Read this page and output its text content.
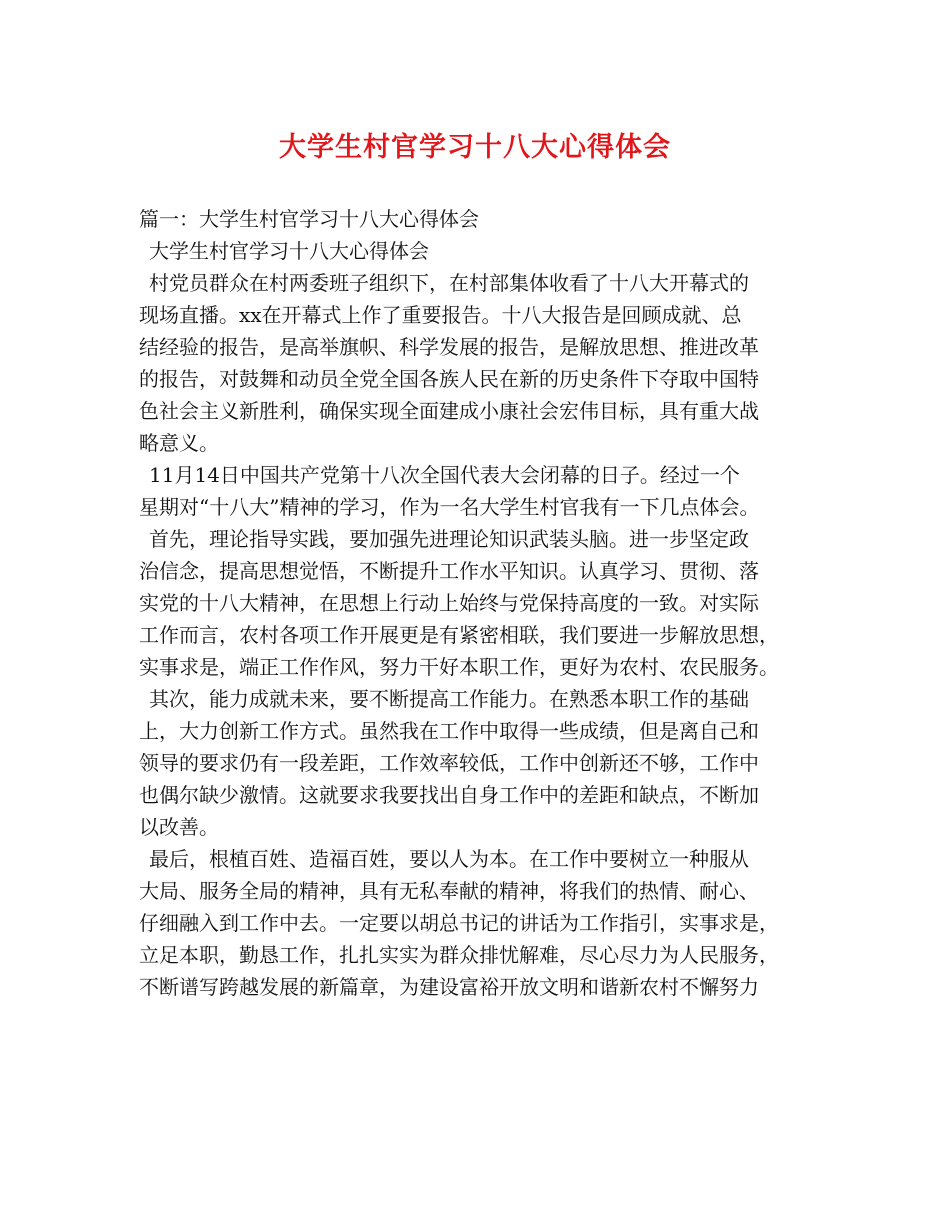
大学生村官学习十八大心得体会
篇一：大学生村官学习十八大心得体会
大学生村官学习十八大心得体会
村党员群众在村两委班子组织下，在村部集体收看了十八大开幕式的
现场直播。xx在开幕式上作了重要报告。十八大报告是回顾成就、总
结经验的报告，是高举旗帜、科学发展的报告，是解放思想、推进改革
的报告，对鼓舞和动员全党全国各族人民在新的历史条件下夺取中国特
色社会主义新胜利，确保实现全面建成小康社会宏伟目标，具有重大战
略意义。
11月14日中国共产党第十八次全国代表大会闭幕的日子。经过一个
星期对“十八大”精神的学习，作为一名大学生村官我有一下几点体会。
首先，理论指导实践，要加强先进理论知识武装头脑。进一步坚定政
治信念，提高思想觉悟，不断提升工作水平知识。认真学习、贯彻、落
实党的十八大精神，在思想上行动上始终与党保持高度的一致。对实际
工作而言，农村各项工作开展更是有紧密相联，我们要进一步解放思想，
实事求是，端正工作作风，努力干好本职工作，更好为农村、农民服务。
其次，能力成就未来，要不断提高工作能力。在熟悉本职工作的基础
上，大力创新工作方式。虽然我在工作中取得一些成绩，但是离自己和
领导的要求仍有一段差距，工作效率较低，工作中创新还不够，工作中
也偶尔缺少激情。这就要求我要找出自身工作中的差距和缺点，不断加
以改善。
最后，根植百姓、造福百姓，要以人为本。在工作中要树立一种服从
大局、服务全局的精神，具有无私奉献的精神，将我们的热情、耐心、
仔细融入到工作中去。一定要以胡总书记的讲话为工作指引，实事求是，
立足本职，勤恳工作，扎扎实实为群众排忧解难，尽心尽力为人民服务，
不断谱写跨越发展的新篇章，为建设富裕开放文明和谐新农村不懈努力
